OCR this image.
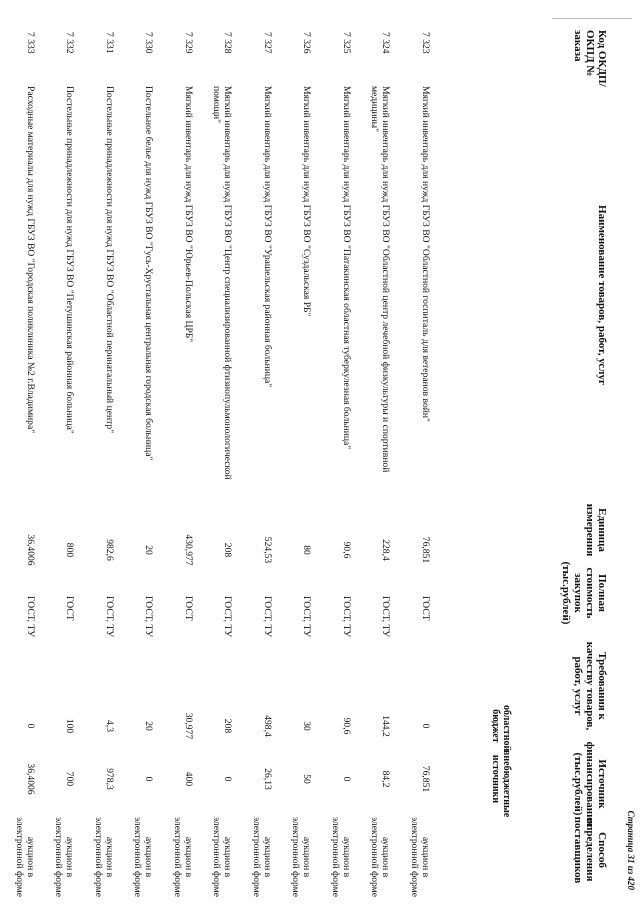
Код ОКДП/ ОКПД № заказа
Наименование товаров, работ, услуг
Единица измерения
Полная стоимость закупок (тыс.рублей)
Требования к качеству товаров, работ, услуг
Источник финансирования (тыс.рублей)
областной бюджет
внебюджетные источники
Способ определения поставщиков
7 323
Мягкий инвентарь для нужд ГБУЗ ВО "Областной госпиталь для ветеранов войн"
76,851
ГОСТ
0
76,851
аукцион в электронной форме
7 324
Мягкий инвентарь для нужд ГБУЗ ВО "Областной центр лечебной физкультуры и спортивной медицины"
228,4
ГОСТ, ТУ
144,2
84,2
аукцион в электронной форме
7 325
Мягкий инвентарь для нужд ГБУЗ ВО "Патакинская областная туберкулезная больница"
90,6
ГОСТ, ТУ
90,6
0
аукцион в электронной форме
7 326
Мягкий инвентарь для нужд ГБУЗ ВО "Суздальская РБ"
80
ГОСТ, ТУ
30
50
аукцион в электронной форме
7 327
Мягкий инвентарь для нужд ГБУЗ ВО "Урашельская районная больница"
524,53
ГОСТ, ТУ
498,4
26,13
аукцион в электронной форме
7 328
Мягкий инвентарь для нужд ГБУЗ ВО "Центр специализированной фтизиопульмонологической помощи"
208
ГОСТ, ТУ
208
0
аукцион в электронной форме
7 329
Мягкий инвентарь для нужд ГБУЗ ВО "Юрьев-Польская ЦРБ"
430,977
ГОСТ
30,977
400
аукцион в электронной форме
7 330
Постельное белье для нужд ГБУЗ ВО "Гусь-Хрустальная центральная городская больница"
20
ГОСТ, ТУ
20
0
аукцион в электронной форме
7 331
Постельные принадлежности для нужд ГБУЗ ВО "Областной перинатальный центр"
982,6
ГОСТ, ТУ
4,3
978,3
аукцион в электронной форме
7 332
Постельные принадлежности для нужд ГБУЗ ВО "Петушинская районная больница"
800
ГОСТ
100
700
аукцион в электронной форме
7 333
Расходные материалы для нужд ГБУЗ ВО "Городская поликлиника №2 г.Владимира"
36,4006
ГОСТ, ТУ
0
36,4006
аукцион в электронной форме	Страница 31 из 420
